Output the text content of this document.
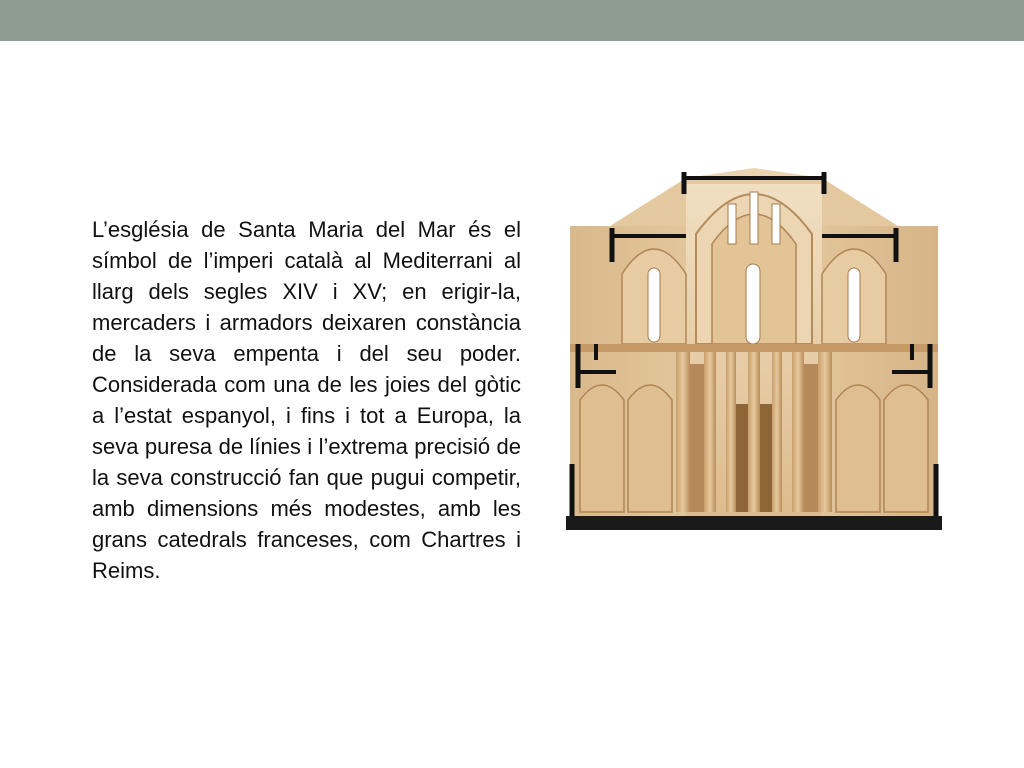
L’església de Santa Maria del Mar és el símbol de l’imperi català al Mediterrani al llarg dels segles XIV i XV; en erigir-la, mercaders i armadors deixaren constància de la seva empenta i del seu poder. Considerada com una de les joies del gòtic a l’estat espanyol, i fins i tot a Europa, la seva puresa de línies i l’extrema precisió de la seva construcció fan que pugui competir, amb dimensions més modestes, amb les grans catedrals franceses, com Chartres i Reims.
